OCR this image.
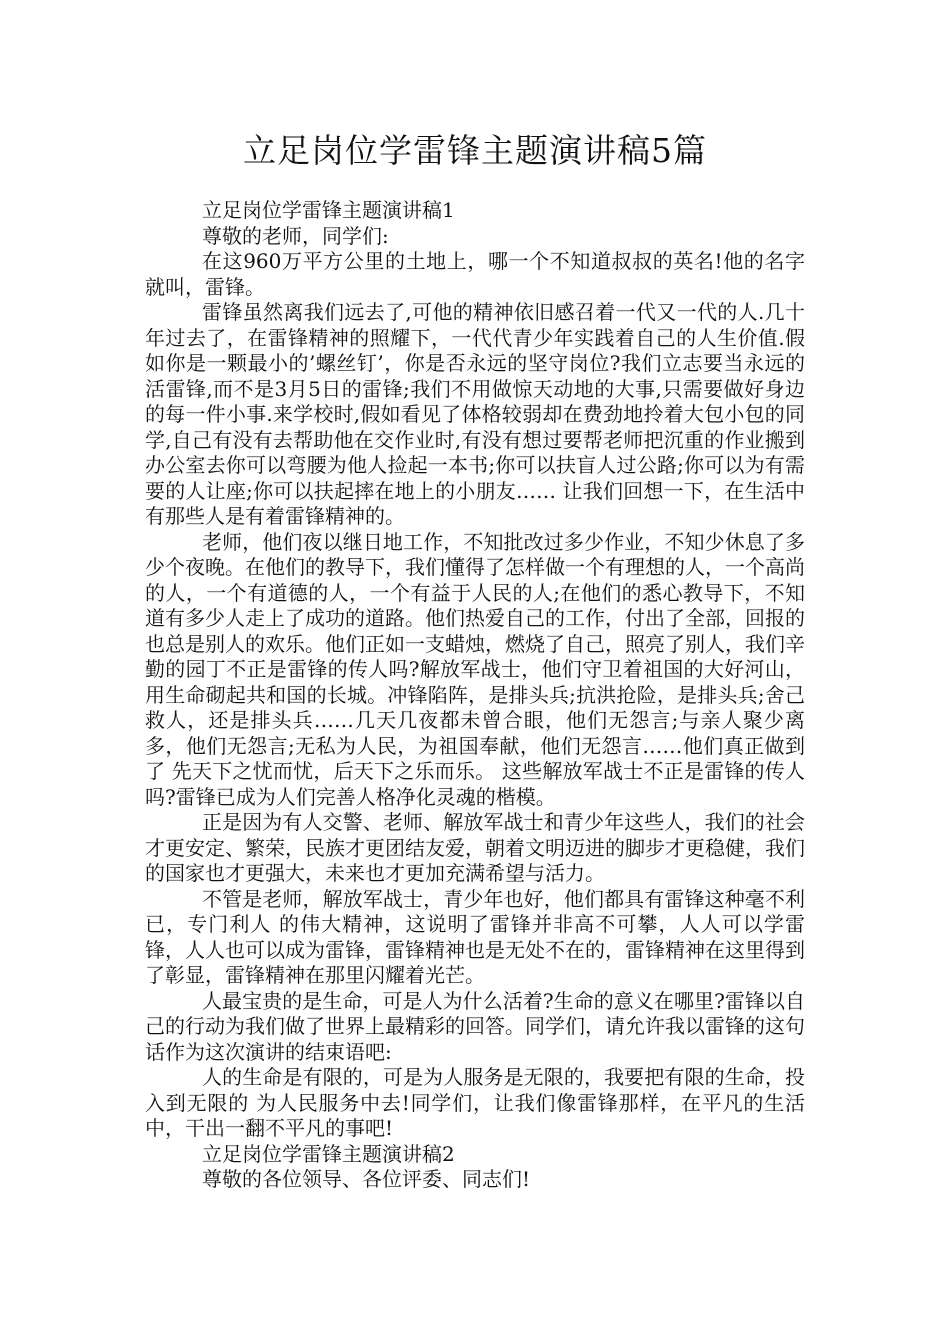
立足岗位学雷锋主题演讲稿5篇

立足岗位学雷锋主题演讲稿1

尊敬的老师，同学们:

在这960万平方公里的土地上，哪一个不知道叔叔的英名!他的名字就叫，雷锋。

雷锋虽然离我们远去了,可他的精神依旧感召着一代又一代的人.几十年过去了，在雷锋精神的照耀下，一代代青少年实践着自己的人生价值.假如你是一颗最小的’螺丝钉’，你是否永远的坚守岗位?我们立志要当永远的活雷锋,而不是3月5日的雷锋;我们不用做惊天动地的大事,只需要做好身边的每一件小事.来学校时,假如看见了体格较弱却在费劲地拎着大包小包的同学,自己有没有去帮助他在交作业时,有没有想过要帮老师把沉重的作业搬到办公室去你可以弯腰为他人捡起一本书;你可以扶盲人过公路;你可以为有需要的人让座;你可以扶起摔在地上的小朋友…… 让我们回想一下，在生活中有那些人是有着雷锋精神的。

老师，他们夜以继日地工作，不知批改过多少作业，不知少休息了多少个夜晚。在他们的教导下，我们懂得了怎样做一个有理想的人，一个高尚的人，一个有道德的人，一个有益于人民的人;在他们的悉心教导下，不知道有多少人走上了成功的道路。他们热爱自己的工作，付出了全部，回报的也总是别人的欢乐。他们正如一支蜡烛，燃烧了自己，照亮了别人，我们辛勤的园丁不正是雷锋的传人吗?解放军战士，他们守卫着祖国的大好河山，用生命砌起共和国的长城。冲锋陷阵，是排头兵;抗洪抢险，是排头兵;舍己救人，还是排头兵……几天几夜都未曾合眼，他们无怨言;与亲人聚少离多，他们无怨言;无私为人民，为祖国奉献，他们无怨言……他们真正做到了 先天下之忧而忧，后天下之乐而乐。 这些解放军战士不正是雷锋的传人吗?雷锋已成为人们完善人格净化灵魂的楷模。

正是因为有人交警、老师、解放军战士和青少年这些人，我们的社会才更安定、繁荣，民族才更团结友爱，朝着文明迈进的脚步才更稳健，我们的国家也才更强大，未来也才更加充满希望与活力。

不管是老师，解放军战士，青少年也好，他们都具有雷锋这种毫不利已，专门利人 的伟大精神，这说明了雷锋并非高不可攀，人人可以学雷锋，人人也可以成为雷锋，雷锋精神也是无处不在的，雷锋精神在这里得到了彰显，雷锋精神在那里闪耀着光芒。

人最宝贵的是生命，可是人为什么活着?生命的意义在哪里?雷锋以自己的行动为我们做了世界上最精彩的回答。同学们，请允许我以雷锋的这句话作为这次演讲的结束语吧:

人的生命是有限的，可是为人服务是无限的，我要把有限的生命，投入到无限的 为人民服务中去!同学们，让我们像雷锋那样，在平凡的生活中，干出一翻不平凡的事吧!

立足岗位学雷锋主题演讲稿2

尊敬的各位领导、各位评委、同志们!
